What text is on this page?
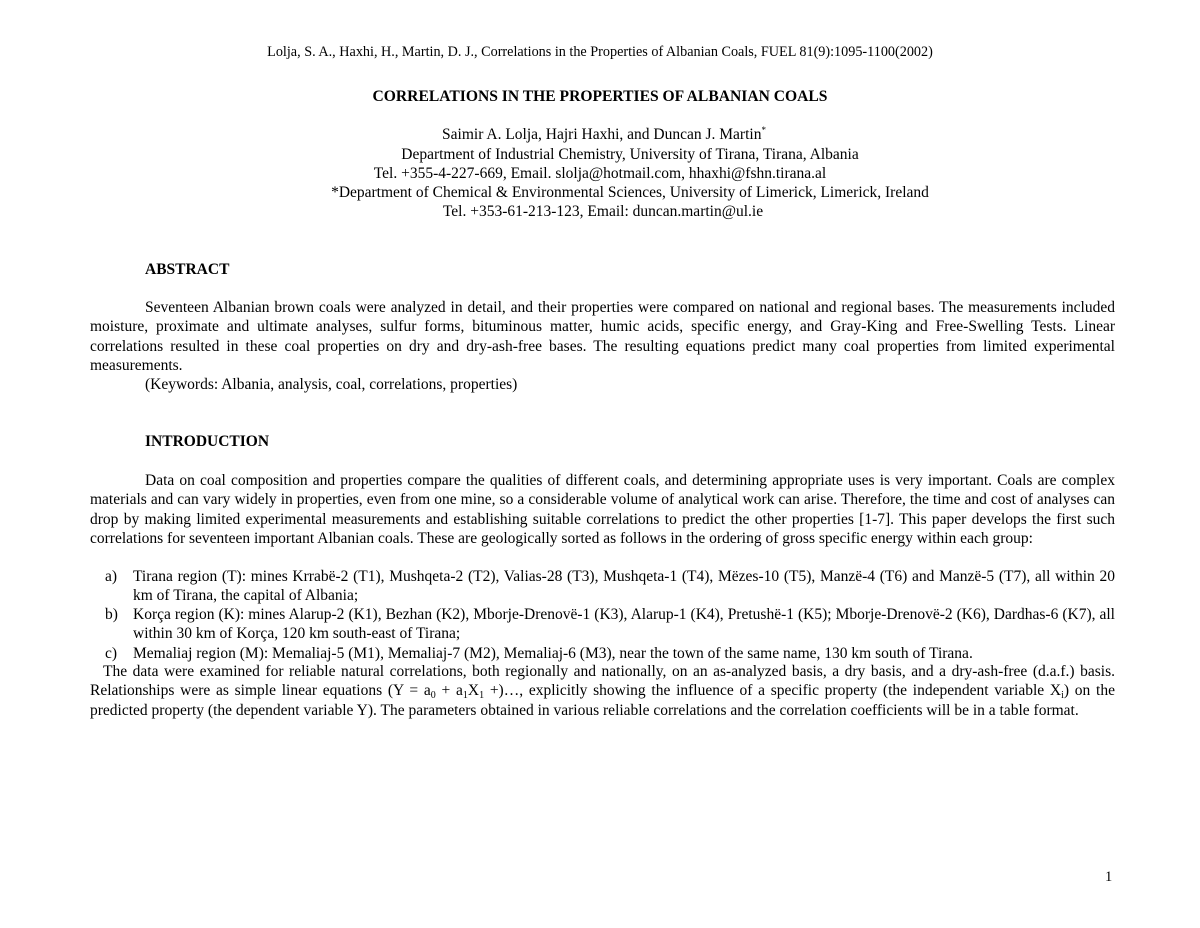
Lolja, S. A., Haxhi, H., Martin, D. J., Correlations in the Properties of Albanian Coals, FUEL 81(9):1095-1100(2002)
CORRELATIONS IN THE PROPERTIES OF ALBANIAN COALS
Saimir A. Lolja, Hajri Haxhi, and Duncan J. Martin*
Department of Industrial Chemistry, University of Tirana, Tirana, Albania
Tel. +355-4-227-669, Email. slolja@hotmail.com, hhaxhi@fshn.tirana.al
*Department of Chemical & Environmental Sciences, University of Limerick, Limerick, Ireland
Tel. +353-61-213-123, Email: duncan.martin@ul.ie
ABSTRACT
Seventeen Albanian brown coals were analyzed in detail, and their properties were compared on national and regional bases. The measurements included moisture, proximate and ultimate analyses, sulfur forms, bituminous matter, humic acids, specific energy, and Gray-King and Free-Swelling Tests. Linear correlations resulted in these coal properties on dry and dry-ash-free bases. The resulting equations predict many coal properties from limited experimental measurements.
(Keywords: Albania, analysis, coal, correlations, properties)
INTRODUCTION
Data on coal composition and properties compare the qualities of different coals, and determining appropriate uses is very important. Coals are complex materials and can vary widely in properties, even from one mine, so a considerable volume of analytical work can arise. Therefore, the time and cost of analyses can drop by making limited experimental measurements and establishing suitable correlations to predict the other properties [1-7]. This paper develops the first such correlations for seventeen important Albanian coals. These are geologically sorted as follows in the ordering of gross specific energy within each group:
a) Tirana region (T): mines Krrabë-2 (T1), Mushqeta-2 (T2), Valias-28 (T3), Mushqeta-1 (T4), Mëzes-10 (T5), Manzë-4 (T6) and Manzë-5 (T7), all within 20 km of Tirana, the capital of Albania;
b) Korça region (K): mines Alarup-2 (K1), Bezhan (K2), Mborje-Drenovë-1 (K3), Alarup-1 (K4), Pretushë-1 (K5); Mborje-Drenovë-2 (K6), Dardhas-6 (K7), all within 30 km of Korça, 120 km south-east of Tirana;
c) Memaliaj region (M): Memaliaj-5 (M1), Memaliaj-7 (M2), Memaliaj-6 (M3), near the town of the same name, 130 km south of Tirana.
The data were examined for reliable natural correlations, both regionally and nationally, on an as-analyzed basis, a dry basis, and a dry-ash-free (d.a.f.) basis. Relationships were as simple linear equations ($Y = a_0 + a_1X_1$ +)…, explicitly showing the influence of a specific property (the independent variable $X_i$) on the predicted property (the dependent variable Y). The parameters obtained in various reliable correlations and the correlation coefficients will be in a table format.
1
